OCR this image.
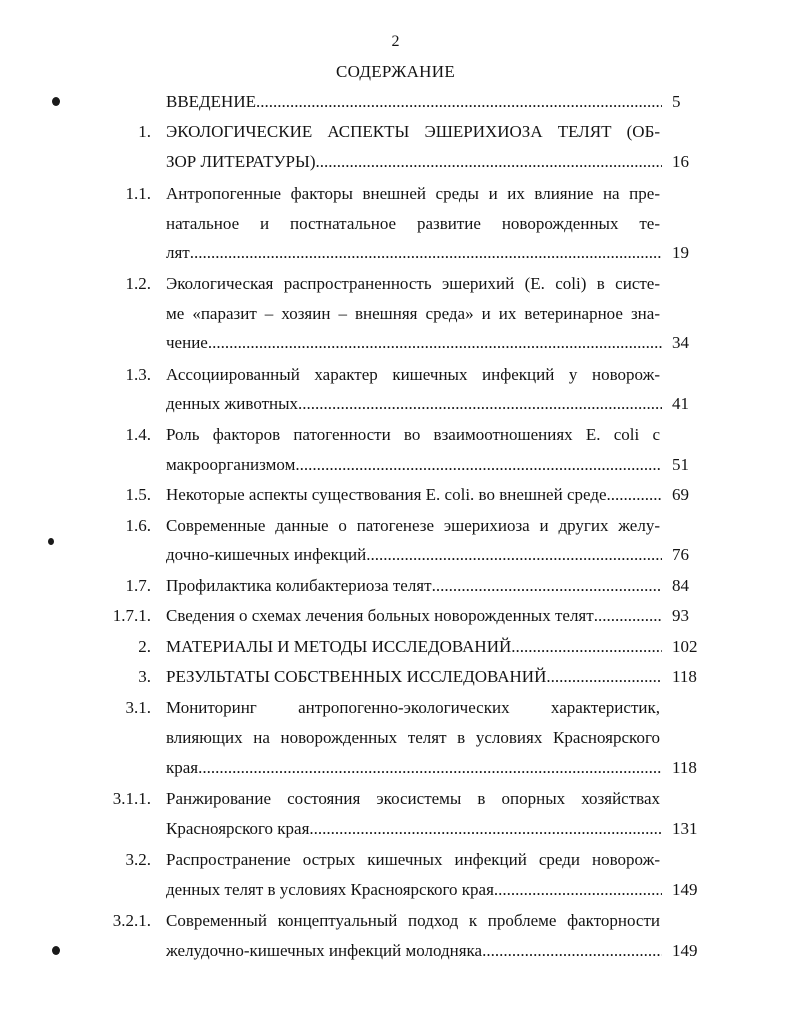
2
СОДЕРЖАНИЕ
ВВЕДЕНИЕ .....	5
1. ЭКОЛОГИЧЕСКИЕ АСПЕКТЫ ЭШЕРИХИОЗА ТЕЛЯТ (ОБ-
ЗОР ЛИТЕРАТУРЫ) .....	16
1.1. Антропогенные факторы внешней среды и их влияние на пре-
натальное и постнатальное развитие новорожденных те-
лят .....	19
1.2. Экологическая распространенность эшерихий (E. coli) в систе-
ме «паразит – хозяин – внешняя среда» и их ветеринарное зна-
чение .....	34
1.3. Ассоциированный характер кишечных инфекций у новорож-
денных животных .....	41
1.4. Роль факторов патогенности во взаимоотношениях E. coli с
макроорганизмом .....	51
1.5. Некоторые аспекты существования E. coli. во внешней среде .....	69
1.6. Современные данные о патогенезе эшерихиоза и других желу-
дочно-кишечных инфекций .....	76
1.7. Профилактика колибактериоза телят .....	84
1.7.1. Сведения о схемах лечения больных новорожденных телят .....	93
2. МАТЕРИАЛЫ И МЕТОДЫ ИССЛЕДОВАНИЙ .....	102
3. РЕЗУЛЬТАТЫ СОБСТВЕННЫХ ИССЛЕДОВАНИЙ .....	118
3.1. Мониторинг антропогенно-экологических характеристик,
влияющих на новорожденных телят в условиях Красноярского
края .....	118
3.1.1. Ранжирование состояния экосистемы в опорных хозяйствах
Красноярского края .....	131
3.2. Распространение острых кишечных инфекций среди новорож-
денных телят в условиях Красноярского края .....	149
3.2.1. Современный концептуальный подход к проблеме факторности
желудочно-кишечных инфекций молодняка .....	149
